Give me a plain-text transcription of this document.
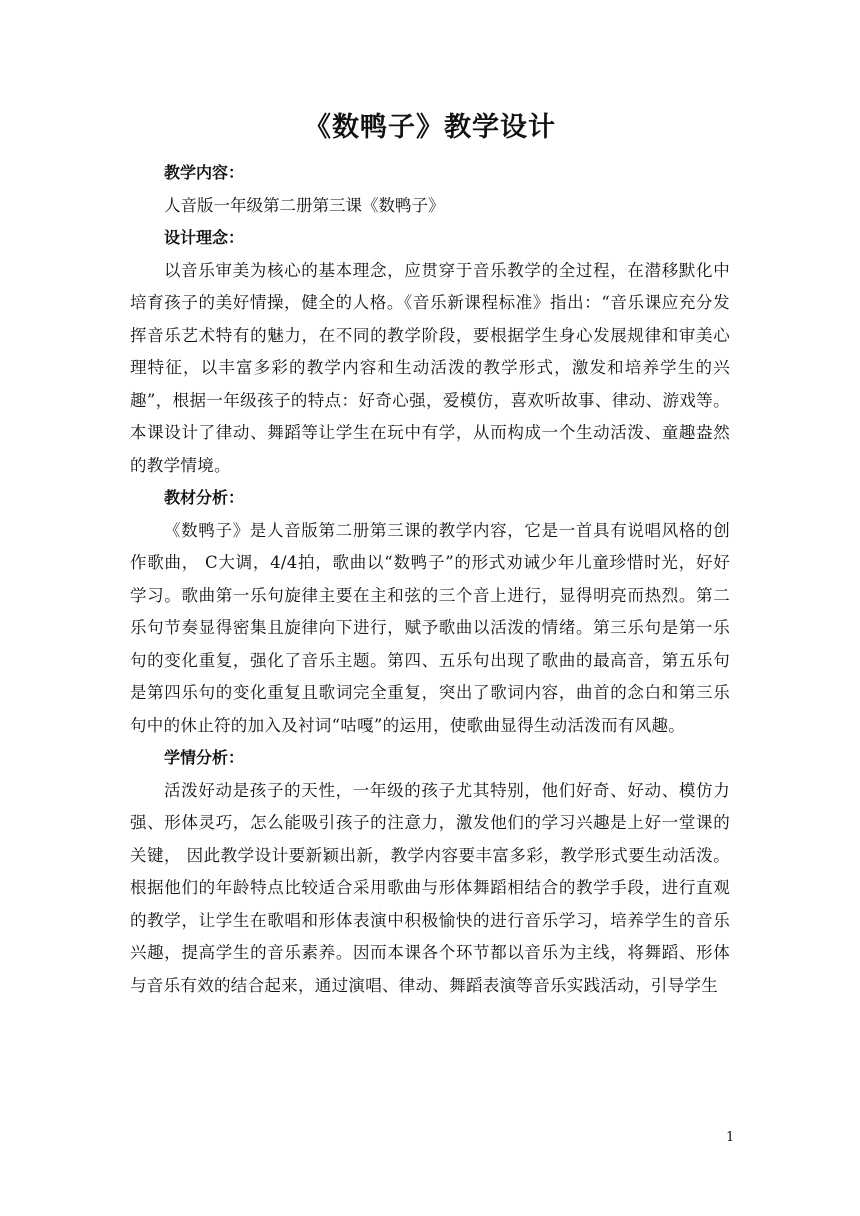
《数鸭子》教学设计

教学内容：

人音版一年级第二册第三课《数鸭子》

设计理念：

以音乐审美为核心的基本理念，应贯穿于音乐教学的全过程，在潜移默化中培育孩子的美好情操，健全的人格。《音乐新课程标准》指出：“音乐课应充分发挥音乐艺术特有的魅力，在不同的教学阶段，要根据学生身心发展规律和审美心理特征，以丰富多彩的教学内容和生动活泼的教学形式，激发和培养学生的兴趣”，根据一年级孩子的特点：好奇心强，爱模仿，喜欢听故事、律动、游戏等。本课设计了律动、舞蹈等让学生在玩中有学，从而构成一个生动活泼、童趣盎然的教学情境。

教材分析：

《数鸭子》是人音版第二册第三课的教学内容，它是一首具有说唱风格的创作歌曲， C大调，4/4拍，歌曲以“数鸭子”的形式劝诫少年儿童珍惜时光，好好学习。歌曲第一乐句旋律主要在主和弦的三个音上进行，显得明亮而热烈。第二乐句节奏显得密集且旋律向下进行，赋予歌曲以活泼的情绪。第三乐句是第一乐句的变化重复，强化了音乐主题。第四、五乐句出现了歌曲的最高音，第五乐句是第四乐句的变化重复且歌词完全重复，突出了歌词内容，曲首的念白和第三乐句中的休止符的加入及衬词“咕嘎”的运用，使歌曲显得生动活泼而有风趣。

学情分析：

活泼好动是孩子的天性，一年级的孩子尤其特别，他们好奇、好动、模仿力强、形体灵巧，怎么能吸引孩子的注意力，激发他们的学习兴趣是上好一堂课的关键， 因此教学设计要新颖出新，教学内容要丰富多彩，教学形式要生动活泼。根据他们的年龄特点比较适合采用歌曲与形体舞蹈相结合的教学手段，进行直观的教学，让学生在歌唱和形体表演中积极愉快的进行音乐学习，培养学生的音乐兴趣，提高学生的音乐素养。因而本课各个环节都以音乐为主线，将舞蹈、形体与音乐有效的结合起来，通过演唱、律动、舞蹈表演等音乐实践活动，引导学生

1
